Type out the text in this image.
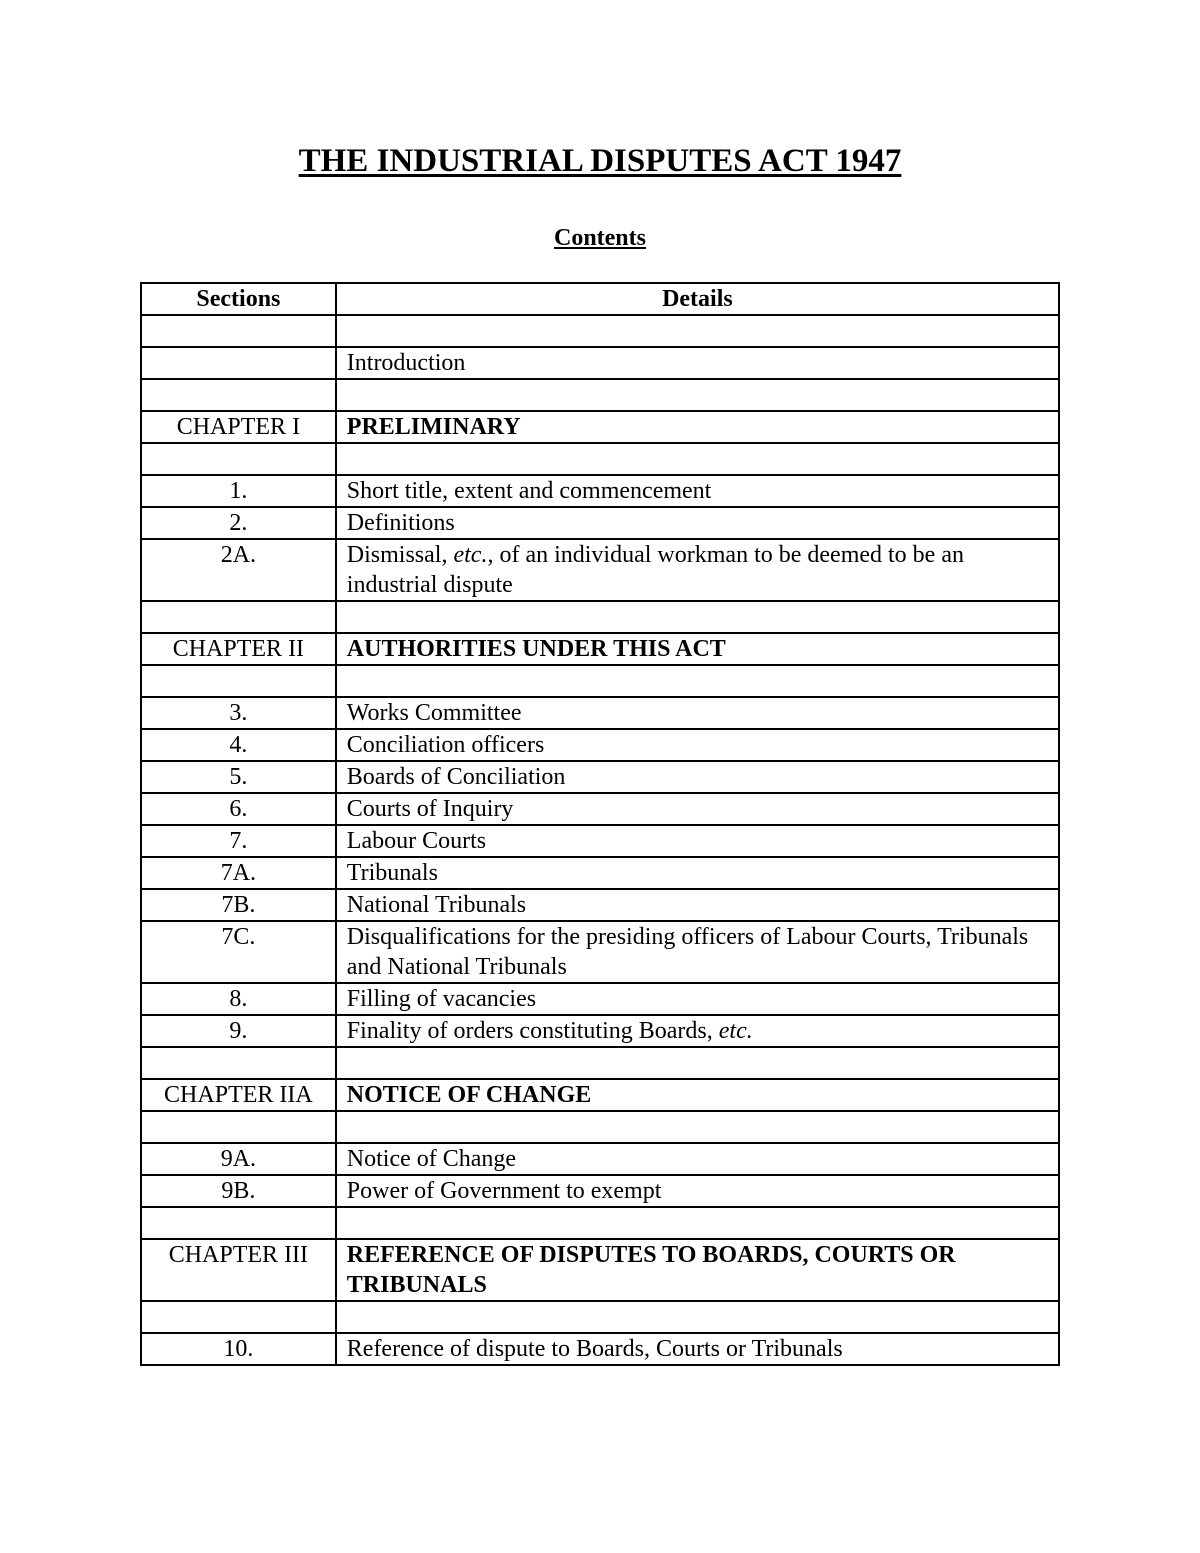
THE INDUSTRIAL DISPUTES ACT 1947
Contents
Sections	Details

	Introduction

CHAPTER I	PRELIMINARY

1.	Short title, extent and commencement
2.	Definitions
2A.	Dismissal, etc., of an individual workman to be deemed to be an industrial dispute

CHAPTER II	AUTHORITIES UNDER THIS ACT

3.	Works Committee
4.	Conciliation officers
5.	Boards of Conciliation
6.	Courts of Inquiry
7.	Labour Courts
7A.	Tribunals
7B.	National Tribunals
7C.	Disqualifications for the presiding officers of Labour Courts, Tribunals and National Tribunals
8.	Filling of vacancies
9.	Finality of orders constituting Boards, etc.

CHAPTER IIA	NOTICE OF CHANGE

9A.	Notice of Change
9B.	Power of Government to exempt

CHAPTER III	REFERENCE OF DISPUTES TO BOARDS, COURTS OR TRIBUNALS

10.	Reference of dispute to Boards, Courts or Tribunals
